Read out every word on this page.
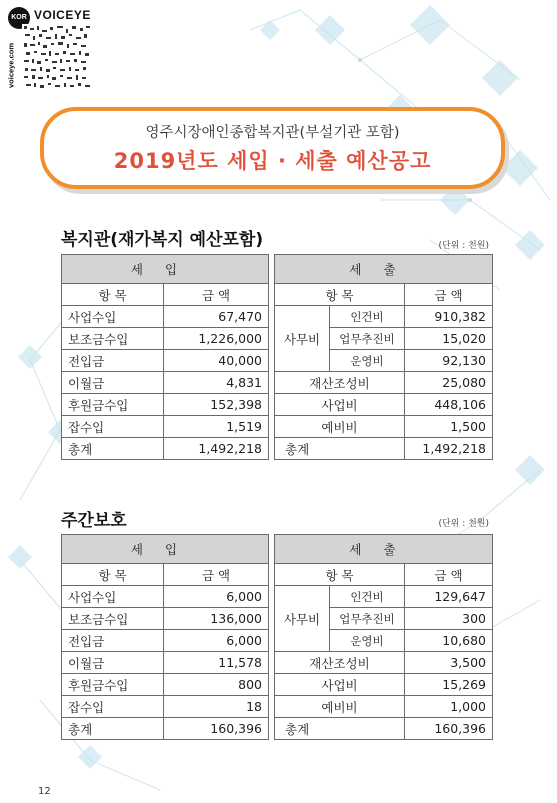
KOR VOICEYE
voiceye.com
영주시장애인종합복지관(부설기관 포함)
2019년도 세입 · 세출 예산공고
복지관(재가복지 예산포함)	(단위 : 천원)
세입			세출		
항 목	금 액		항 목		금 액
사업수입	67,470		사무비	인건비	910,382
보조금수입	1,226,000			업무추진비	15,020
전입금	40,000			운영비	92,130
이월금	4,831		재산조성비		25,080
후원금수입	152,398		사업비		448,106
잡수입	1,519		예비비		1,500
총계	1,492,218		총계		1,492,218
주간보호	(단위 : 천원)
세입			세출		
항 목	금 액		항 목		금 액
사업수입	6,000		사무비	인건비	129,647
보조금수입	136,000			업무추진비	300
전입금	6,000			운영비	10,680
이월금	11,578		재산조성비		3,500
후원금수입	800		사업비		15,269
잡수입	18		예비비		1,000
총계	160,396		총계		160,396
12
